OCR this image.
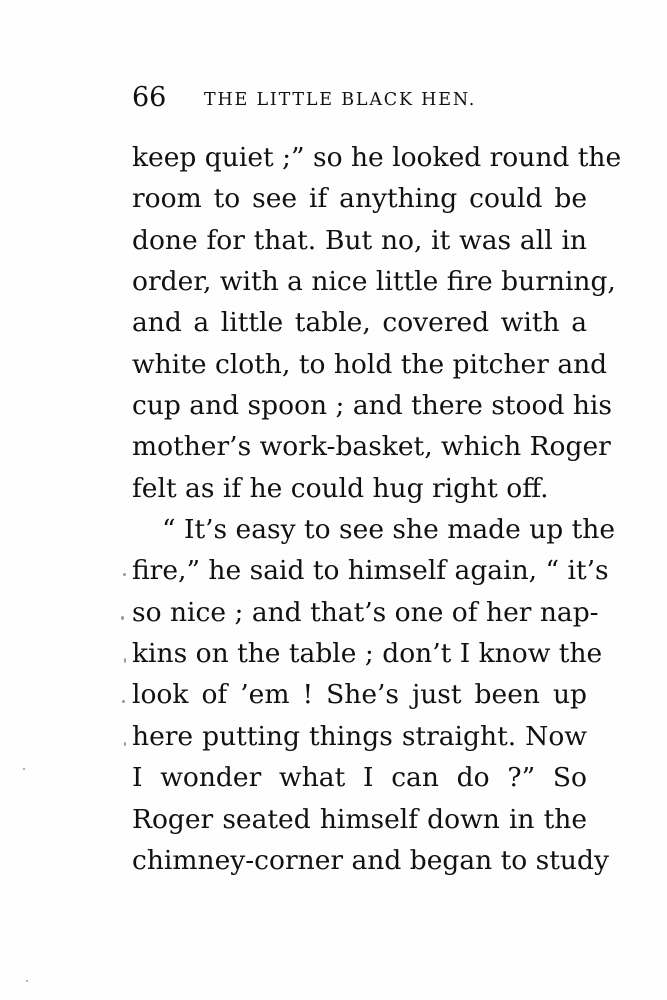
66 THE LITTLE BLACK HEN.
keep quiet ;” so he looked round the
room to see if anything could be
done for that. But no, it was all in
order, with a nice little fire burning,
and a little table, covered with a
white cloth, to hold the pitcher and
cup and spoon ; and there stood his
mother’s work-basket, which Roger
felt as if he could hug right off.
“ It’s easy to see she made up the
fire,” he said to himself again, “ it’s
so nice ; and that’s one of her nap-
kins on the table ; don’t I know the
look of ’em ! She’s just been up
here putting things straight. Now
I wonder what I can do ?” So
Roger seated himself down in the
chimney-corner and began to study
